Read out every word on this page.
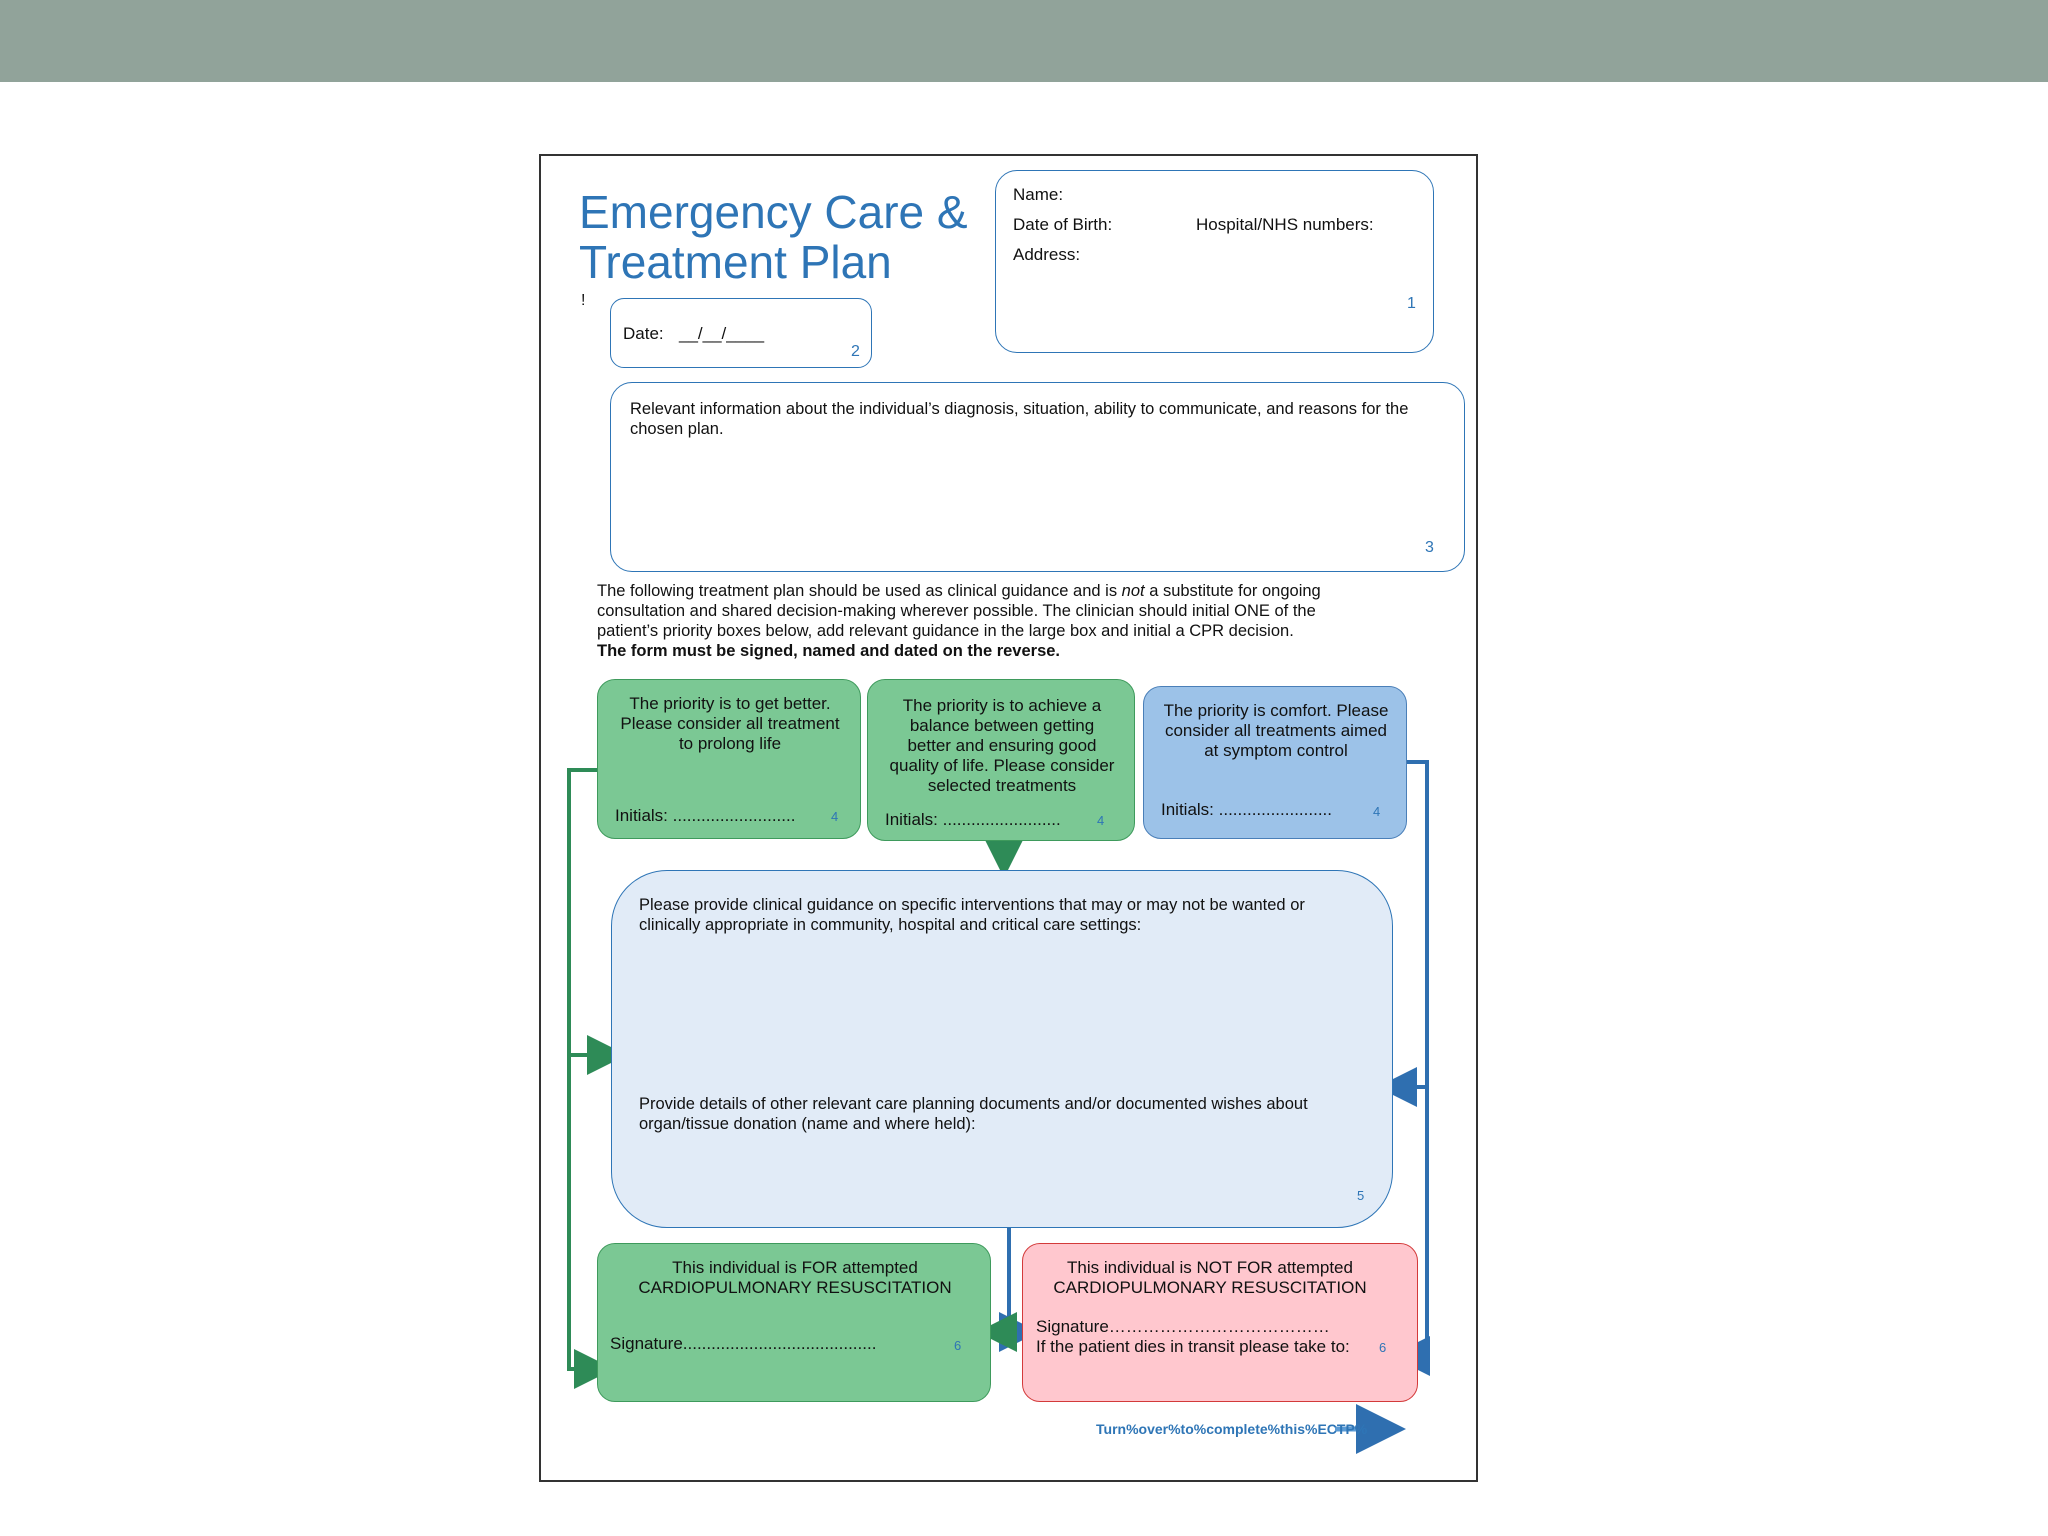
Emergency Care &
Treatment Plan
!
Name:
Date of Birth:	Hospital/NHS numbers:
Address:
1
Date: __/__/____
2
Relevant information about the individual’s diagnosis, situation, ability to communicate, and reasons for the chosen plan.
3
The following treatment plan should be used as clinical guidance and is not a substitute for ongoing
consultation and shared decision-making wherever possible. The clinician should initial ONE of the
patient’s priority boxes below, add relevant guidance in the large box and initial a CPR decision.
The form must be signed, named and dated on the reverse.
The priority is to get better.
Please consider all treatment
to prolong life
Initials: ..........................	4
The priority is to achieve a
balance between getting
better and ensuring good
quality of life. Please consider
selected treatments
Initials: .........................	4
The priority is comfort. Please
consider all treatments aimed
at symptom control
Initials: ........................	4
Please provide clinical guidance on specific interventions that may or may not be wanted or clinically appropriate in community, hospital and critical care settings:
Provide details of other relevant care planning documents and/or documented wishes about organ/tissue donation (name and where held):
5
This individual is FOR attempted
CARDIOPULMONARY RESUSCITATION
Signature.........................................	6
This individual is NOT FOR attempted
CARDIOPULMONARY RESUSCITATION
Signature…………………………………
If the patient dies in transit please take to: 6
Turn%over%to%complete%this%ECTP%
